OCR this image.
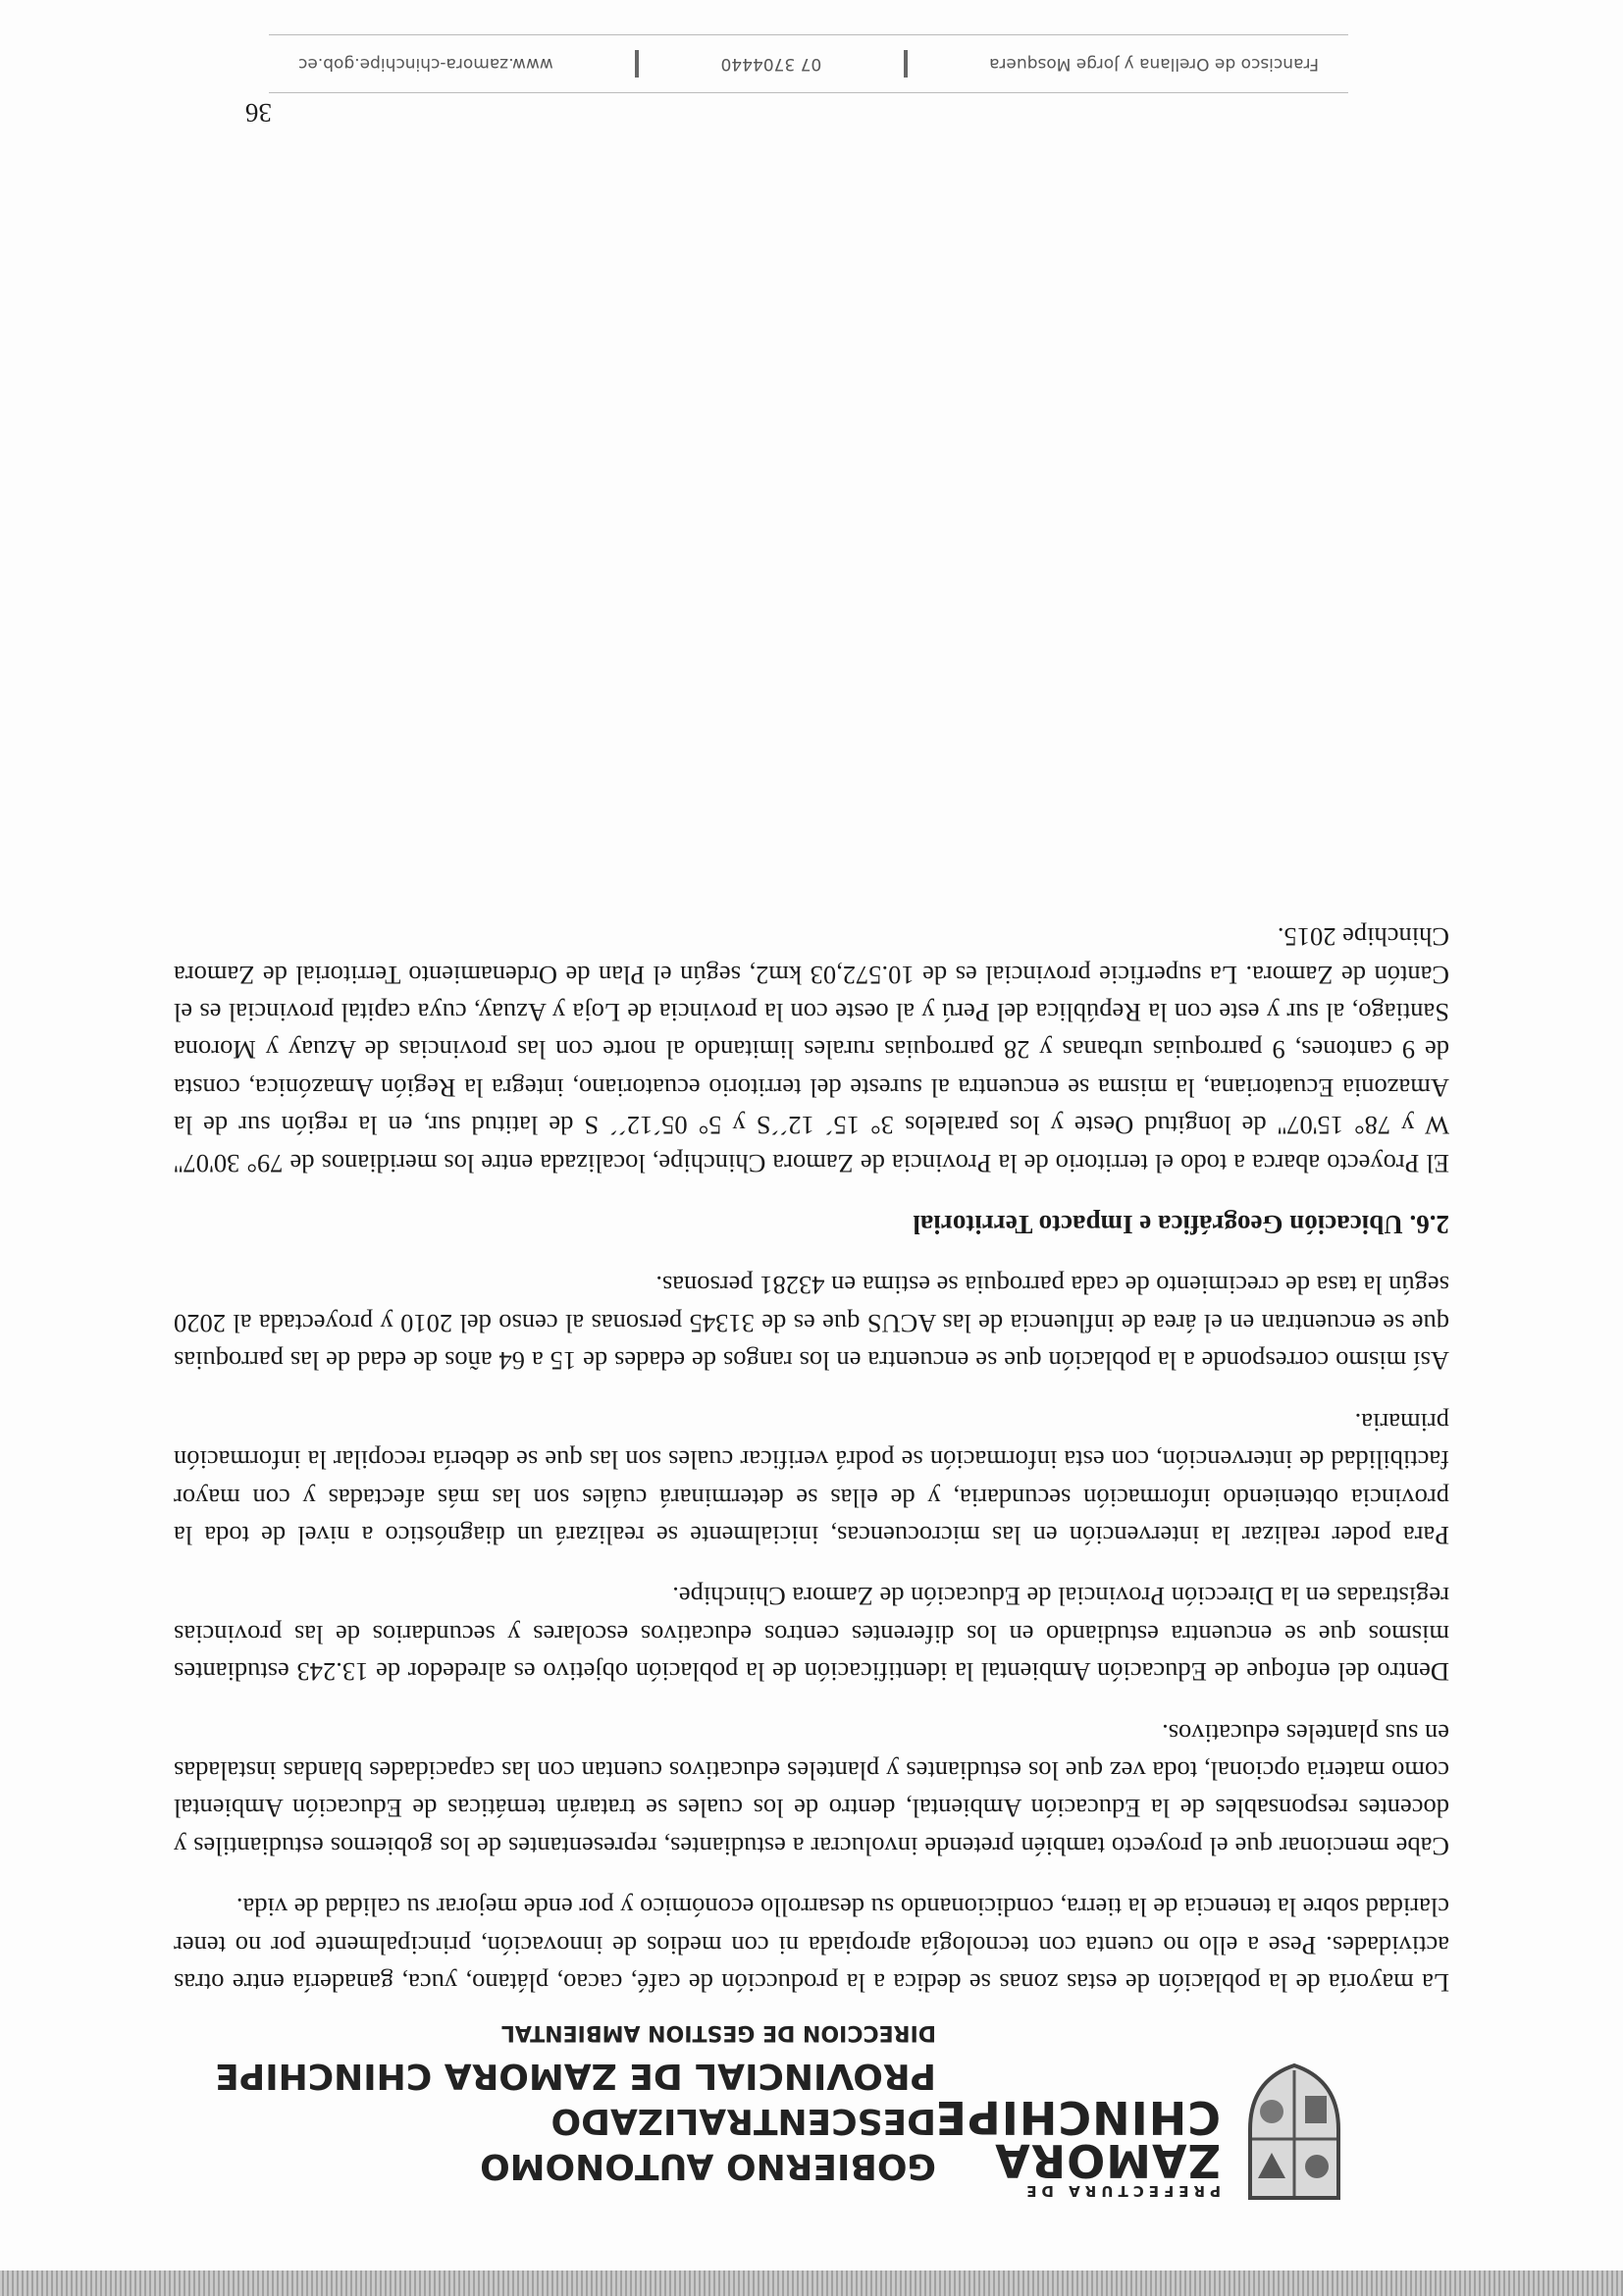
PREFECTURA DE
ZAMORA
CHINCHIPE
GOBIERNO AUTONOMO DESCENTRALIZADO
PROVINCIAL DE ZAMORA CHINCHIPE
DIRECCION DE GESTION AMBIENTAL

La mayoría de la población de estas zonas se dedica a la producción de café, cacao, plátano, yuca, ganadería entre otras actividades. Pese a ello no cuenta con tecnología apropiada ni con medios de innovación, principalmente por no tener claridad sobre la tenencia de la tierra, condicionando su desarrollo económico y por ende mejorar su calidad de vida.

Cabe mencionar que el proyecto también pretende involucrar a estudiantes, representantes de los gobiernos estudiantiles y docentes responsables de la Educación Ambiental, dentro de los cuales se tratarán temáticas de Educación Ambiental como materia opcional, toda vez que los estudiantes y planteles educativos cuentan con las capacidades blandas instaladas en sus planteles educativos.

Dentro del enfoque de Educación Ambiental la identificación de la población objetivo es alrededor de 13.243 estudiantes mismos que se encuentra estudiando en los diferentes centros educativos escolares y secundarios de las provincias registradas en la Dirección Provincial de Educación de Zamora Chinchipe.

Para poder realizar la intervención en las microcuencas, inicialmente se realizará un diagnóstico a nivel de toda la provincia obteniendo información secundaria, y de ellas se determinará cuáles son las más afectadas y con mayor factibilidad de intervención, con esta información se podrá verificar cuales son las que se debería recopilar la información primaria.

Así mismo corresponde a la población que se encuentra en los rangos de edades de 15 a 64 años de edad de las parroquias que se encuentran en el área de influencia de las ACUS que es de 31345 personas al censo del 2010 y proyectada al 2020 según la tasa de crecimiento de cada parroquia se estima en 43281 personas.

2.6. Ubicación Geográfica e Impacto Territorial

El Proyecto abarca a todo el territorio de la Provincia de Zamora Chinchipe, localizada entre los meridianos de 79° 30'07'' W y 78° 15'07'' de longitud Oeste y los paralelos 3° 15´ 12´´S y 5° 05´12´´ S de latitud sur, en la región sur de la Amazonia Ecuatoriana, la misma se encuentra al sureste del territorio ecuatoriano, integra la Región Amazónica, consta de 9 cantones, 9 parroquias urbanas y 28 parroquias rurales limitando al norte con las provincias de Azuay y Morona Santiago, al sur y este con la República del Perú y al oeste con la provincia de Loja y Azuay, cuya capital provincial es el Cantón de Zamora. La superficie provincial es de 10.572,03 km2, según el Plan de Ordenamiento Territorial de Zamora Chinchipe 2015.

36
Francisco de Orellana y Jorge Mosquera
07 3704440
www.zamora-chinchipe.gob.ec
